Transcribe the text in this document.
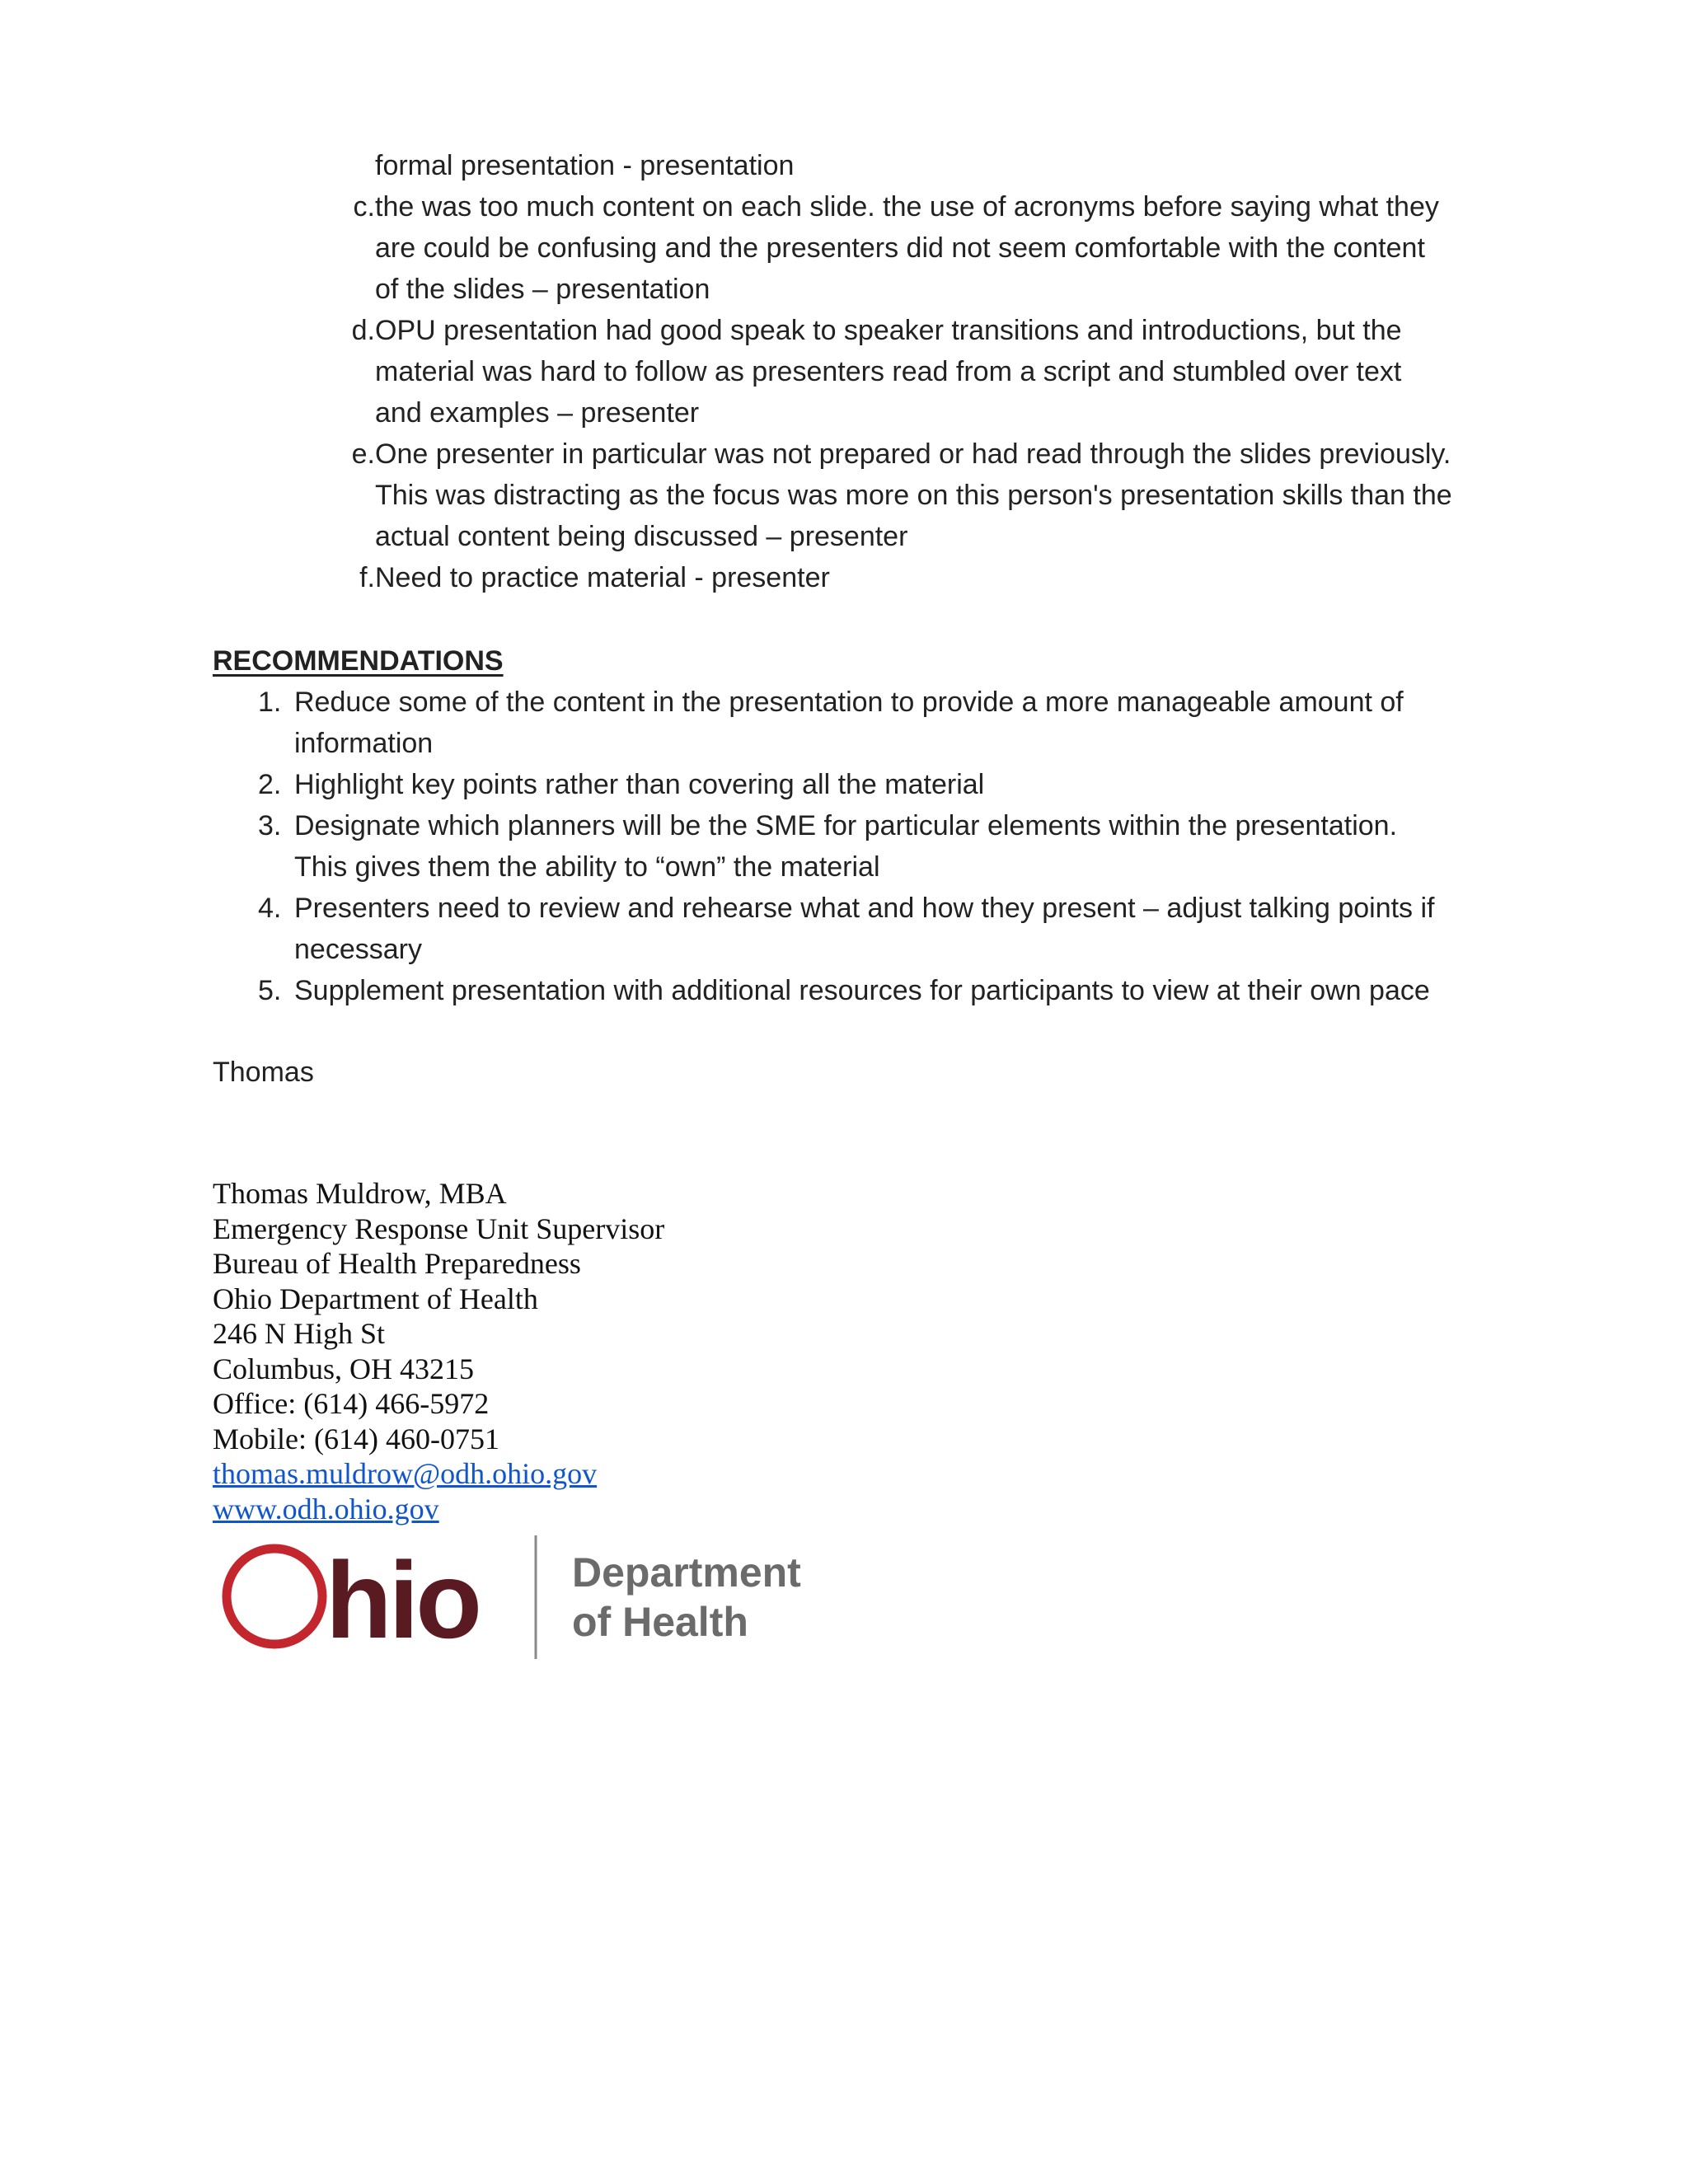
formal presentation - presentation
c. the was too much content on each slide. the use of acronyms before saying what they
are could be confusing and the presenters did not seem comfortable with the content
of the slides – presentation
d. OPU presentation had good speak to speaker transitions and introductions, but the
material was hard to follow as presenters read from a script and stumbled over text
and examples – presenter
e. One presenter in particular was not prepared or had read through the slides previously.
This was distracting as the focus was more on this person's presentation skills than the
actual content being discussed – presenter
f. Need to practice material - presenter
RECOMMENDATIONS
1. Reduce some of the content in the presentation to provide a more manageable amount of
information
2. Highlight key points rather than covering all the material
3. Designate which planners will be the SME for particular elements within the presentation.
This gives them the ability to “own” the material
4. Presenters need to review and rehearse what and how they present – adjust talking points if
necessary
5. Supplement presentation with additional resources for participants to view at their own pace
Thomas
Thomas Muldrow, MBA
Emergency Response Unit Supervisor
Bureau of Health Preparedness
Ohio Department of Health
246 N High St
Columbus, OH 43215
Office: (614) 466-5972
Mobile: (614) 460-0751
thomas.muldrow@odh.ohio.gov
www.odh.ohio.gov
hio Department
of Health
